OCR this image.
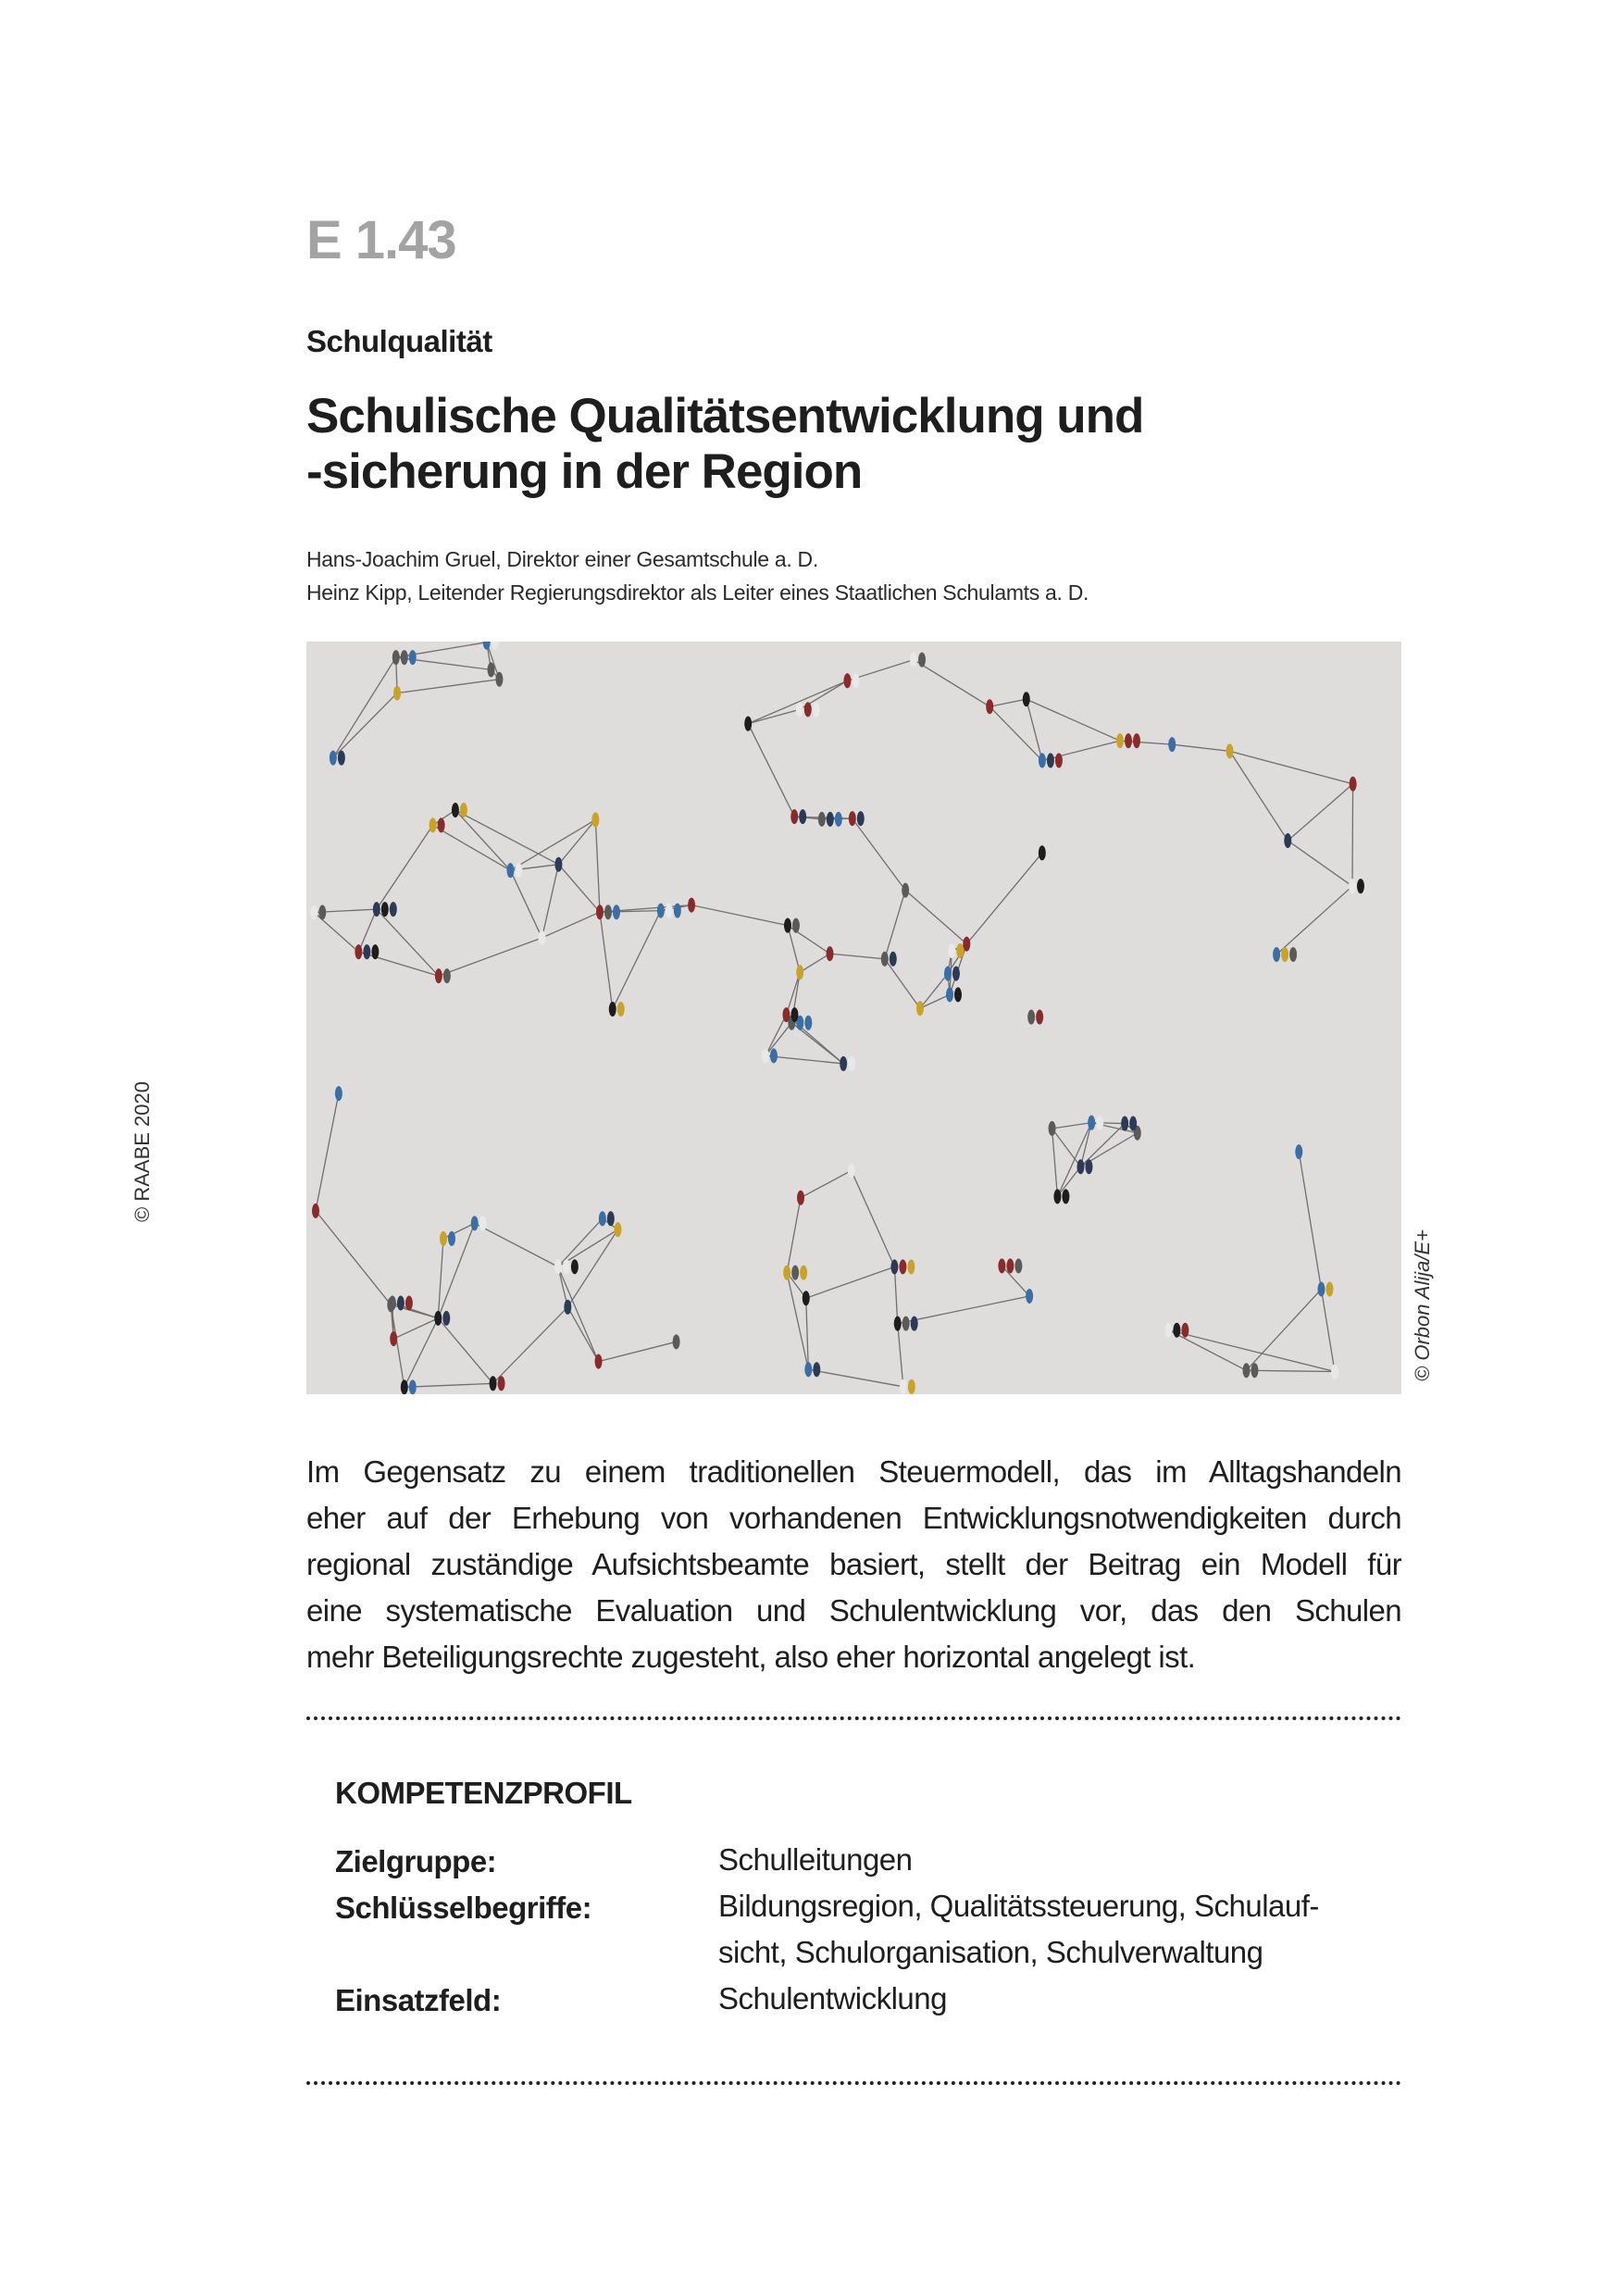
E 1.43
Schulqualität
Schulische Qualitätsentwicklung und
-sicherung in der Region
Hans-Joachim Gruel, Direktor einer Gesamtschule a. D.
Heinz Kipp, Leitender Regierungsdirektor als Leiter eines Staatlichen Schulamts a. D.
© Orbon Alija/E+
© RAABE 2020
Im Gegensatz zu einem traditionellen Steuermodell, das im Alltagshandeln
eher auf der Erhebung von vorhandenen Entwicklungsnotwendigkeiten durch
regional zuständige Aufsichtsbeamte basiert, stellt der Beitrag ein Modell für
eine systematische Evaluation und Schulentwicklung vor, das den Schulen
mehr Beteiligungsrechte zugesteht, also eher horizontal angelegt ist.
KOMPETENZPROFIL
Zielgruppe:	Schulleitungen
Schlüsselbegriffe:	Bildungsregion, Qualitätssteuerung, Schulauf-
sicht, Schulorganisation, Schulverwaltung
Einsatzfeld:	Schulentwicklung
